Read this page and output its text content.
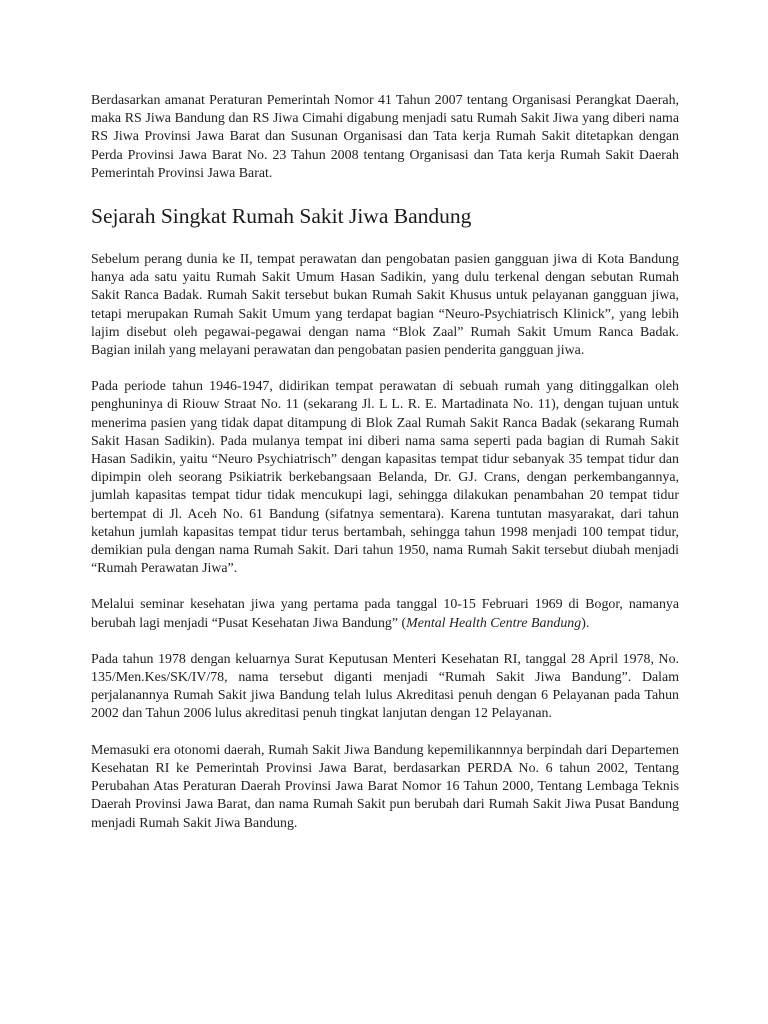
Berdasarkan amanat Peraturan Pemerintah Nomor 41 Tahun 2007 tentang Organisasi Perangkat Daerah, maka RS Jiwa Bandung dan RS Jiwa Cimahi digabung menjadi satu Rumah Sakit Jiwa yang diberi nama RS Jiwa Provinsi Jawa Barat dan Susunan Organisasi dan Tata kerja Rumah Sakit ditetapkan dengan Perda Provinsi Jawa Barat No. 23 Tahun 2008 tentang Organisasi dan Tata kerja Rumah Sakit Daerah Pemerintah Provinsi Jawa Barat.

Sejarah Singkat Rumah Sakit Jiwa Bandung

Sebelum perang dunia ke II, tempat perawatan dan pengobatan pasien gangguan jiwa di Kota Bandung hanya ada satu yaitu Rumah Sakit Umum Hasan Sadikin, yang dulu terkenal dengan sebutan Rumah Sakit Ranca Badak. Rumah Sakit tersebut bukan Rumah Sakit Khusus untuk pelayanan gangguan jiwa, tetapi merupakan Rumah Sakit Umum yang terdapat bagian “Neuro-Psychiatrisch Klinick”, yang lebih lajim disebut oleh pegawai-pegawai dengan nama “Blok Zaal” Rumah Sakit Umum Ranca Badak. Bagian inilah yang melayani perawatan dan pengobatan pasien penderita gangguan jiwa.

Pada periode tahun 1946-1947, didirikan tempat perawatan di sebuah rumah yang ditinggalkan oleh penghuninya di Riouw Straat No. 11 (sekarang Jl. L L. R. E. Martadinata No. 11), dengan tujuan untuk menerima pasien yang tidak dapat ditampung di Blok Zaal Rumah Sakit Ranca Badak (sekarang Rumah Sakit Hasan Sadikin). Pada mulanya tempat ini diberi nama sama seperti pada bagian di Rumah Sakit Hasan Sadikin, yaitu “Neuro Psychiatrisch” dengan kapasitas tempat tidur sebanyak 35 tempat tidur dan dipimpin oleh seorang Psikiatrik berkebangsaan Belanda, Dr. GJ. Crans, dengan perkembangannya, jumlah kapasitas tempat tidur tidak mencukupi lagi, sehingga dilakukan penambahan 20 tempat tidur bertempat di Jl. Aceh No. 61 Bandung (sifatnya sementara). Karena tuntutan masyarakat, dari tahun ketahun jumlah kapasitas tempat tidur terus bertambah, sehingga tahun 1998 menjadi 100 tempat tidur, demikian pula dengan nama Rumah Sakit. Dari tahun 1950, nama Rumah Sakit tersebut diubah menjadi “Rumah Perawatan Jiwa”.

Melalui seminar kesehatan jiwa yang pertama pada tanggal 10-15 Februari 1969 di Bogor, namanya berubah lagi menjadi “Pusat Kesehatan Jiwa Bandung” (Mental Health Centre Bandung).

Pada tahun 1978 dengan keluarnya Surat Keputusan Menteri Kesehatan RI, tanggal 28 April 1978, No. 135/Men.Kes/SK/IV/78, nama tersebut diganti menjadi “Rumah Sakit Jiwa Bandung”. Dalam perjalanannya Rumah Sakit jiwa Bandung telah lulus Akreditasi penuh dengan 6 Pelayanan pada Tahun 2002 dan Tahun 2006 lulus akreditasi penuh tingkat lanjutan dengan 12 Pelayanan.

Memasuki era otonomi daerah, Rumah Sakit Jiwa Bandung kepemilikannnya berpindah dari Departemen Kesehatan RI ke Pemerintah Provinsi Jawa Barat, berdasarkan PERDA No. 6 tahun 2002, Tentang Perubahan Atas Peraturan Daerah Provinsi Jawa Barat Nomor 16 Tahun 2000, Tentang Lembaga Teknis Daerah Provinsi Jawa Barat, dan nama Rumah Sakit pun berubah dari Rumah Sakit Jiwa Pusat Bandung menjadi Rumah Sakit Jiwa Bandung.
